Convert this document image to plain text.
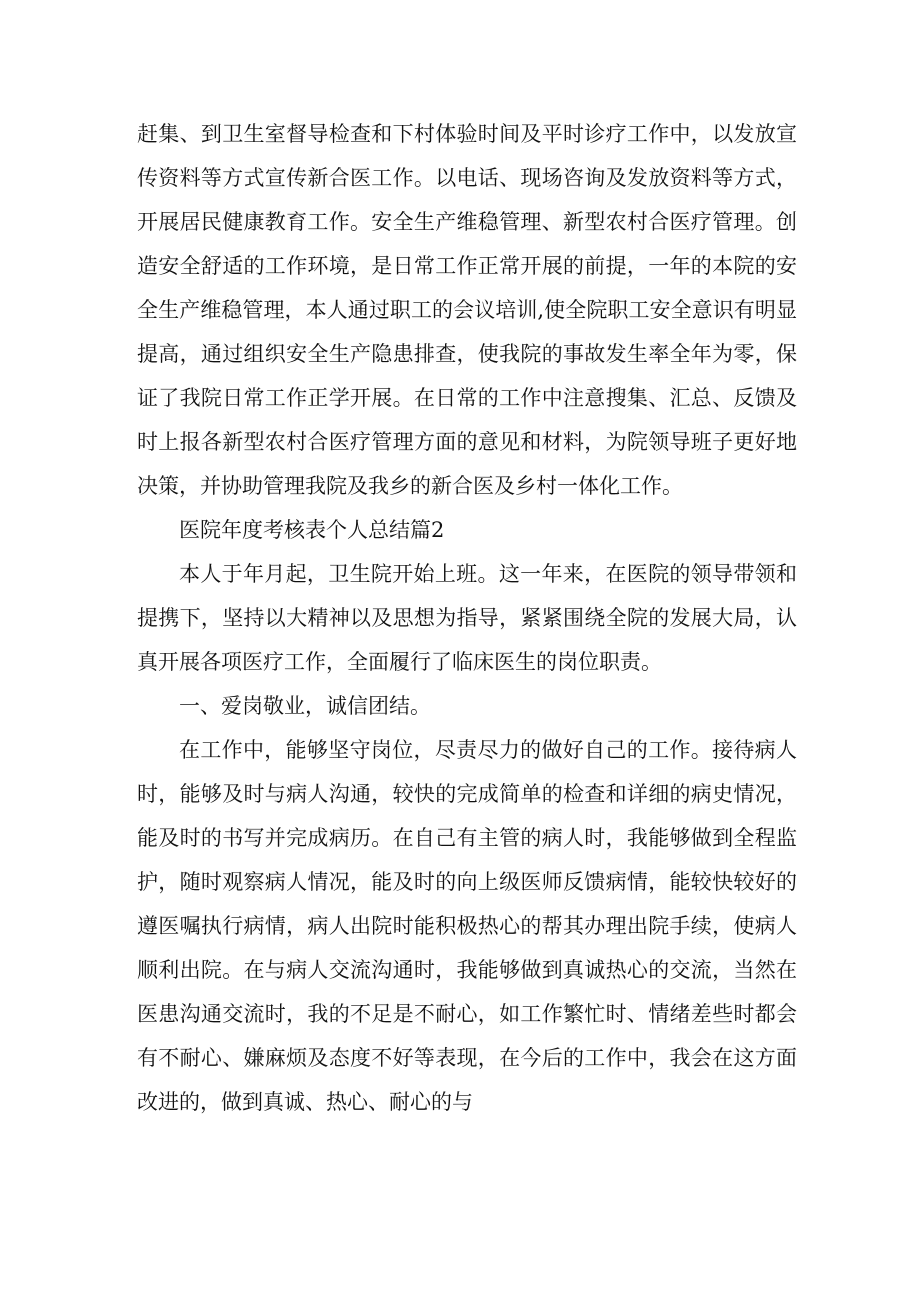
赶集、到卫生室督导检查和下村体验时间及平时诊疗工作中，以发放宣传资料等方式宣传新合医工作。以电话、现场咨询及发放资料等方式，开展居民健康教育工作。安全生产维稳管理、新型农村合医疗管理。创造安全舒适的工作环境，是日常工作正常开展的前提，一年的本院的安全生产维稳管理，本人通过职工的会议培训,使全院职工安全意识有明显提高，通过组织安全生产隐患排查，使我院的事故发生率全年为零，保证了我院日常工作正学开展。在日常的工作中注意搜集、汇总、反馈及时上报各新型农村合医疗管理方面的意见和材料，为院领导班子更好地决策，并协助管理我院及我乡的新合医及乡村一体化工作。

医院年度考核表个人总结篇2

本人于年月起，卫生院开始上班。这一年来，在医院的领导带领和提携下，坚持以大精神以及思想为指导，紧紧围绕全院的发展大局，认真开展各项医疗工作，全面履行了临床医生的岗位职责。

一、爱岗敬业，诚信团结。

在工作中，能够坚守岗位，尽责尽力的做好自己的工作。接待病人时，能够及时与病人沟通，较快的完成简单的检查和详细的病史情况，能及时的书写并完成病历。在自己有主管的病人时，我能够做到全程监护，随时观察病人情况，能及时的向上级医师反馈病情，能较快较好的遵医嘱执行病情，病人出院时能积极热心的帮其办理出院手续，使病人顺利出院。在与病人交流沟通时，我能够做到真诚热心的交流，当然在医患沟通交流时，我的不足是不耐心，如工作繁忙时、情绪差些时都会有不耐心、嫌麻烦及态度不好等表现，在今后的工作中，我会在这方面改进的，做到真诚、热心、耐心的与
